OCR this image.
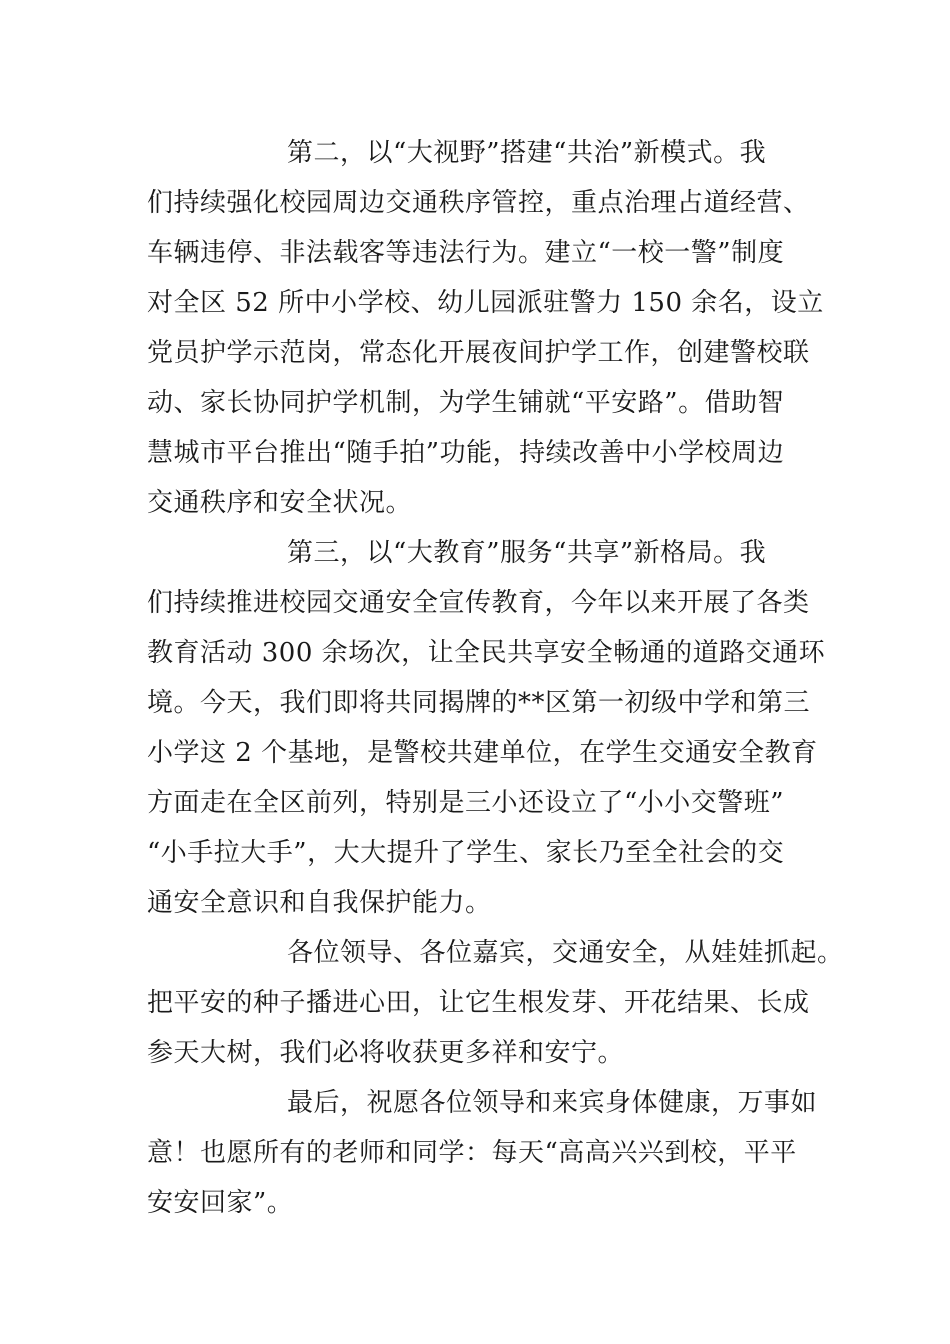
第二，以“大视野”搭建“共治”新模式。我
们持续强化校园周边交通秩序管控，重点治理占道经营、
车辆违停、非法载客等违法行为。建立“一校一警”制度
对全区 52 所中小学校、幼儿园派驻警力 150 余名，设立
党员护学示范岗，常态化开展夜间护学工作，创建警校联
动、家长协同护学机制，为学生铺就“平安路”。借助智
慧城市平台推出“随手拍”功能，持续改善中小学校周边
交通秩序和安全状况。
第三，以“大教育”服务“共享”新格局。我
们持续推进校园交通安全宣传教育，今年以来开展了各类
教育活动 300 余场次，让全民共享安全畅通的道路交通环
境。今天，我们即将共同揭牌的**区第一初级中学和第三
小学这 2 个基地，是警校共建单位，在学生交通安全教育
方面走在全区前列，特别是三小还设立了“小小交警班”
“小手拉大手”，大大提升了学生、家长乃至全社会的交
通安全意识和自我保护能力。
各位领导、各位嘉宾，交通安全，从娃娃抓起。
把平安的种子播进心田，让它生根发芽、开花结果、长成
参天大树，我们必将收获更多祥和安宁。
最后，祝愿各位领导和来宾身体健康，万事如
意！也愿所有的老师和同学：每天“高高兴兴到校，平平
安安回家”。
